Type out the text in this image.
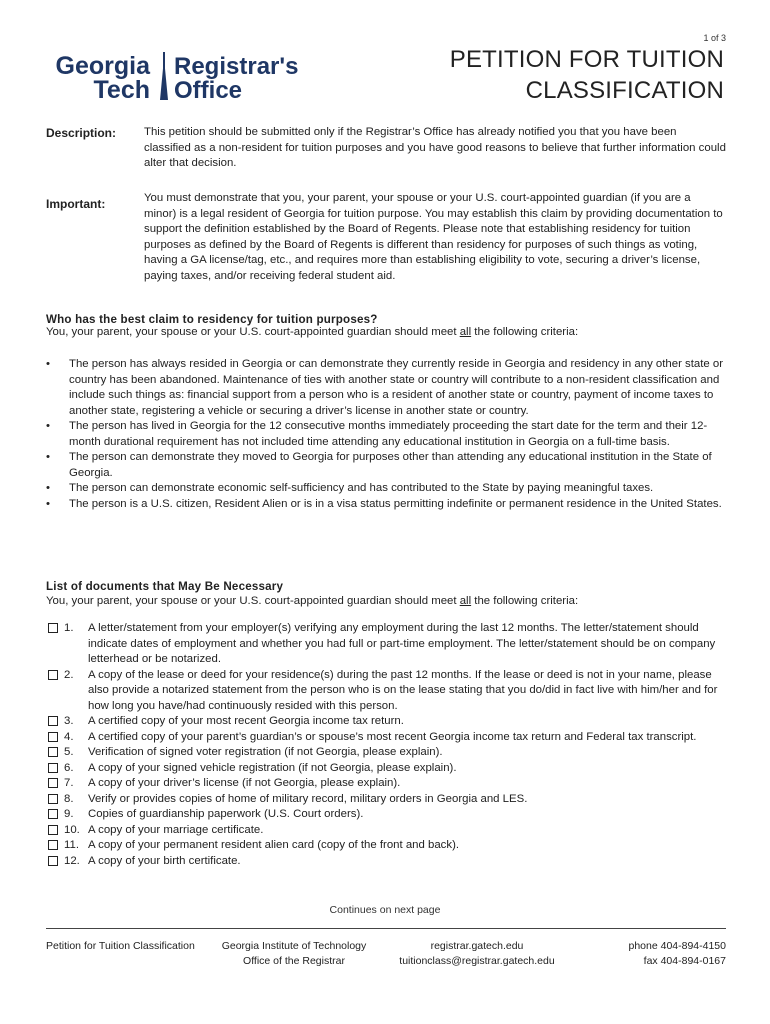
1 of 3
Georgia
Tech
Registrar's
Office
PETITION FOR TUITION
CLASSIFICATION
Description: This petition should be submitted only if the Registrar’s Office has already notified you that you have been classified as a non-resident for tuition purposes and you have good reasons to believe that further information could alter that decision.
Important:	You must demonstrate that you, your parent, your spouse or your U.S. court-appointed guardian (if you are a minor) is a legal resident of Georgia for tuition purpose. You may establish this claim by providing documentation to support the definition established by the Board of Regents. Please note that establishing residency for tuition purposes as defined by the Board of Regents is different than residency for purposes of such things as voting, having a GA license/tag, etc., and requires more than establishing eligibility to vote, securing a driver’s license, paying taxes, and/or receiving federal student aid.
Who has the best claim to residency for tuition purposes?
You, your parent, your spouse or your U.S. court-appointed guardian should meet all the following criteria:
• The person has always resided in Georgia or can demonstrate they currently reside in Georgia and residency in any other state or country has been abandoned. Maintenance of ties with another state or country will contribute to a non-resident classification and include such things as: financial support from a person who is a resident of another state or country, payment of income taxes to another state, registering a vehicle or securing a driver’s license in another state or country.
• The person has lived in Georgia for the 12 consecutive months immediately proceeding the start date for the term and their 12-month durational requirement has not included time attending any educational institution in Georgia on a full-time basis.
• The person can demonstrate they moved to Georgia for purposes other than attending any educational institution in the State of Georgia.
• The person can demonstrate economic self-sufficiency and has contributed to the State by paying meaningful taxes.
• The person is a U.S. citizen, Resident Alien or is in a visa status permitting indefinite or permanent residence in the United States.
List of documents that May Be Necessary
You, your parent, your spouse or your U.S. court-appointed guardian should meet all the following criteria:
1. A letter/statement from your employer(s) verifying any employment during the last 12 months. The letter/statement should indicate dates of employment and whether you had full or part-time employment. The letter/statement should be on company letterhead or be notarized.
2. A copy of the lease or deed for your residence(s) during the past 12 months. If the lease or deed is not in your name, please also provide a notarized statement from the person who is on the lease stating that you do/did in fact live with him/her and for how long you have/had continuously resided with this person.
3. A certified copy of your most recent Georgia income tax return.
4. A certified copy of your parent’s guardian’s or spouse’s most recent Georgia income tax return and Federal tax transcript.
5. Verification of signed voter registration (if not Georgia, please explain).
6. A copy of your signed vehicle registration (if not Georgia, please explain).
7. A copy of your driver’s license (if not Georgia, please explain).
8. Verify or provides copies of home of military record, military orders in Georgia and LES.
9. Copies of guardianship paperwork (U.S. Court orders).
10. A copy of your marriage certificate.
11. A copy of your permanent resident alien card (copy of the front and back).
12. A copy of your birth certificate.
Continues on next page
Petition for Tuition Classification	Georgia Institute of Technology
Office of the Registrar
registrar.gatech.edu
tuitionclass@registrar.gatech.edu
phone 404-894-4150
fax 404-894-0167
